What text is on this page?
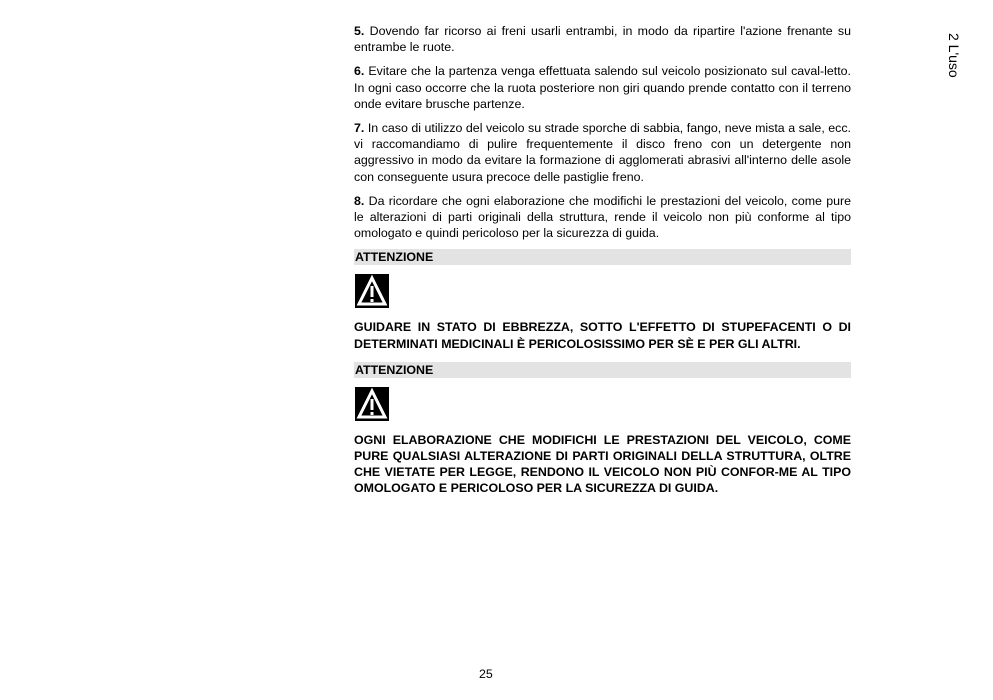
2 L'uso

5. Dovendo far ricorso ai freni usarli entrambi, in modo da ripartire l'azione frenante su entrambe le ruote.

6. Evitare che la partenza venga effettuata salendo sul veicolo posizionato sul caval-letto. In ogni caso occorre che la ruota posteriore non giri quando prende contatto con il terreno onde evitare brusche partenze.

7. In caso di utilizzo del veicolo su strade sporche di sabbia, fango, neve mista a sale, ecc. vi raccomandiamo di pulire frequentemente il disco freno con un detergente non aggressivo in modo da evitare la formazione di agglomerati abrasivi all'interno delle asole con conseguente usura precoce delle pastiglie freno.

8. Da ricordare che ogni elaborazione che modifichi le prestazioni del veicolo, come pure le alterazioni di parti originali della struttura, rende il veicolo non più conforme al tipo omologato e quindi pericoloso per la sicurezza di guida.

ATTENZIONE

GUIDARE IN STATO DI EBBREZZA, SOTTO L'EFFETTO DI STUPEFACENTI O DI DETERMINATI MEDICINALI È PERICOLOSISSIMO PER SÈ E PER GLI ALTRI.

ATTENZIONE

OGNI ELABORAZIONE CHE MODIFICHI LE PRESTAZIONI DEL VEICOLO, COME PURE QUALSIASI ALTERAZIONE DI PARTI ORIGINALI DELLA STRUTTURA, OLTRE CHE VIETATE PER LEGGE, RENDONO IL VEICOLO NON PIÙ CONFOR-ME AL TIPO OMOLOGATO E PERICOLOSO PER LA SICUREZZA DI GUIDA.

25
